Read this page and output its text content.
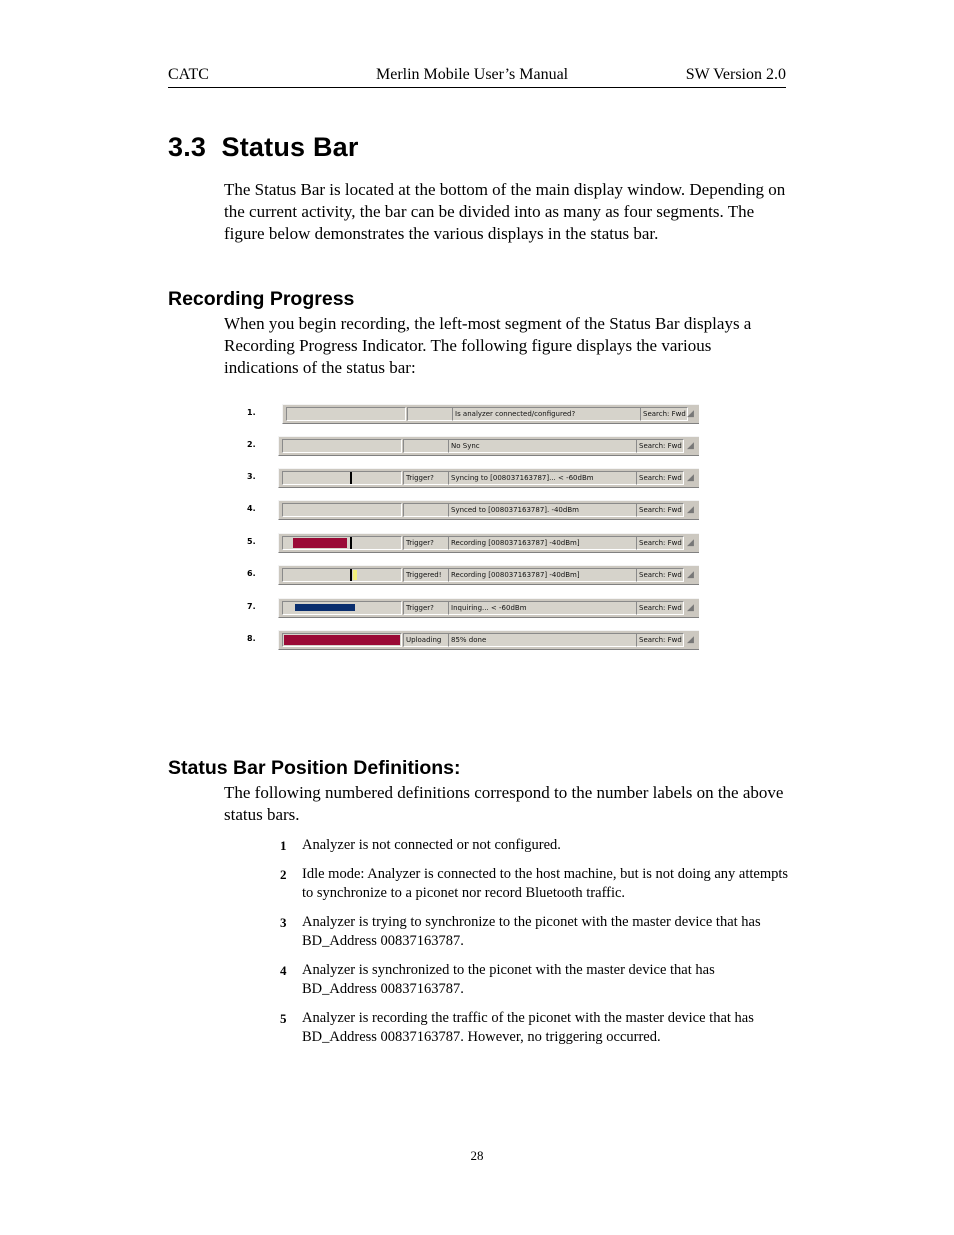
CATC	Merlin Mobile User’s Manual	SW Version 2.0
3.3  Status Bar

The Status Bar is located at the bottom of the main display window. Depending on the current activity, the bar can be divided into as many as four segments. The figure below demonstrates the various displays in the status bar.

Recording Progress

When you begin recording, the left-most segment of the Status Bar displays a Recording Progress Indicator. The following figure displays the various indications of the status bar:

1.	Is analyzer connected/configured?	Search: Fwd ◢
2.	No Sync	Search: Fwd ◢
3.	Trigger?	Syncing to [008037163787]... < -60dBm	Search: Fwd ◢
4.	Synced to [008037163787]. -40dBm	Search: Fwd ◢
5.	Trigger?	Recording [008037163787] -40dBm]	Search: Fwd ◢
6.	Triggered!	Recording [008037163787] -40dBm]	Search: Fwd ◢
7.	Trigger?	Inquiring... < -60dBm	Search: Fwd ◢
8.	Uploading	85% done	Search: Fwd ◢
Status Bar Position Definitions:

The following numbered definitions correspond to the number labels on the above status bars.

1 Analyzer is not connected or not configured.
2 Idle mode: Analyzer is connected to the host machine, but is not doing any attempts to synchronize to a piconet nor record Bluetooth traffic.
3 Analyzer is trying to synchronize to the piconet with the master device that has BD_Address 00837163787.
4 Analyzer is synchronized to the piconet with the master device that has BD_Address 00837163787.
5 Analyzer is recording the traffic of the piconet with the master device that has BD_Address 00837163787. However, no triggering occurred.
28
